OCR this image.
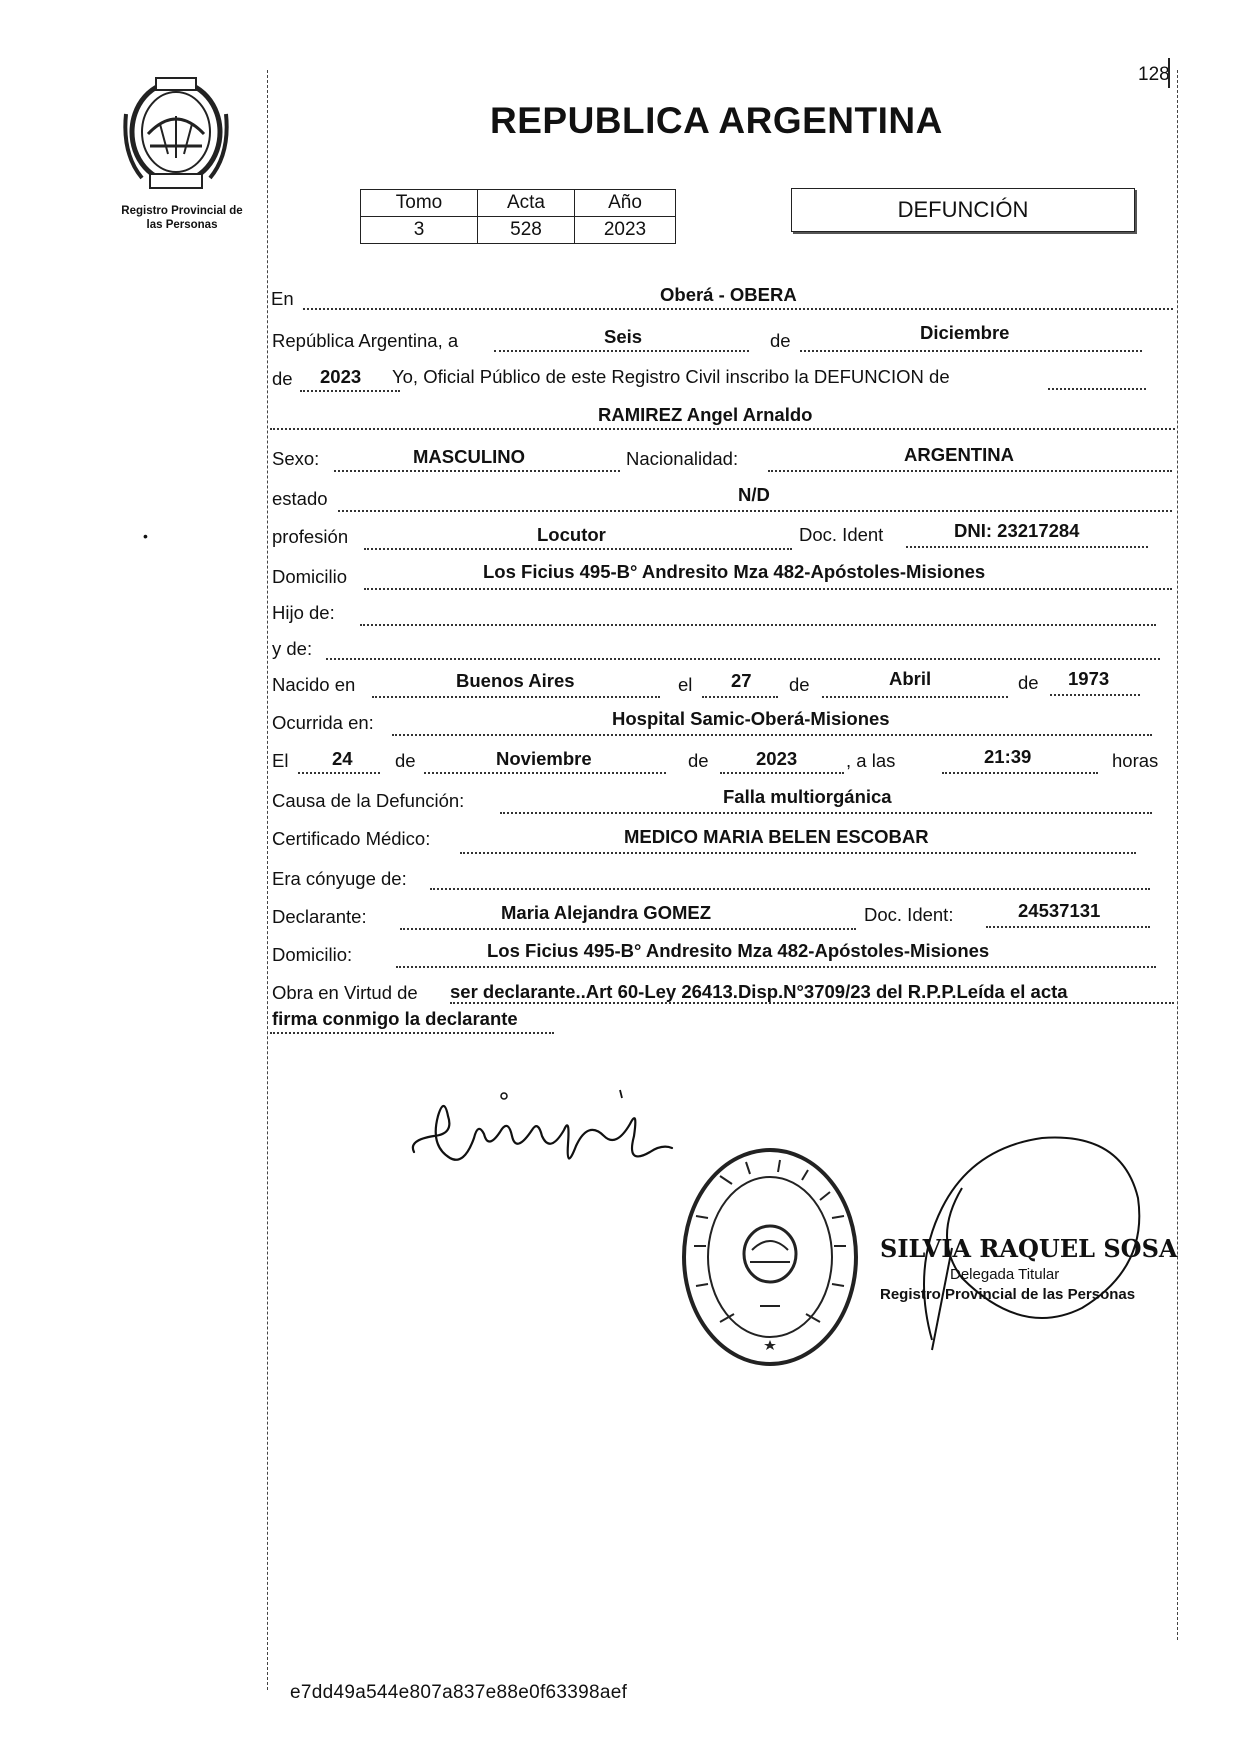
128
REPUBLICA ARGENTINA
Registro Provincial de
las Personas
•
Tomo	Acta	Año
3	528	2023
DEFUNCIÓN
En	Oberá - OBERA
República Argentina, a	Seis	de	Diciembre
de 2023 Yo, Oficial Público de este Registro Civil inscribo la DEFUNCION de
RAMIREZ Angel Arnaldo
Sexo:	MASCULINO	Nacionalidad:	ARGENTINA
estado	N/D
profesión	Locutor	Doc. Ident	DNI: 23217284
Domicilio	Los Ficius 495-B° Andresito Mza 482-Apóstoles-Misiones
Hijo de:
y de:
Nacido en	Buenos Aires	el 27 de	Abril	de 1973
Ocurrida en:	Hospital Samic-Oberá-Misiones
El 24 de	Noviembre	de	2023	, a las	21:39	horas
Causa de la Defunción:	Falla multiorgánica
Certificado Médico:	MEDICO MARIA BELEN ESCOBAR
Era cónyuge de:
Declarante:	Maria Alejandra GOMEZ	Doc. Ident:	24537131
Domicilio:	Los Ficius 495-B° Andresito Mza 482-Apóstoles-Misiones
Obra en Virtud de ser declarante..Art 60-Ley 26413.Disp.N°3709/23 del R.P.P.Leída el acta
firma conmigo la declarante
SILVIA RAQUEL SOSA
Delegada Titular
Registro Provincial de las Personas
e7dd49a544e807a837e88e0f63398aef
